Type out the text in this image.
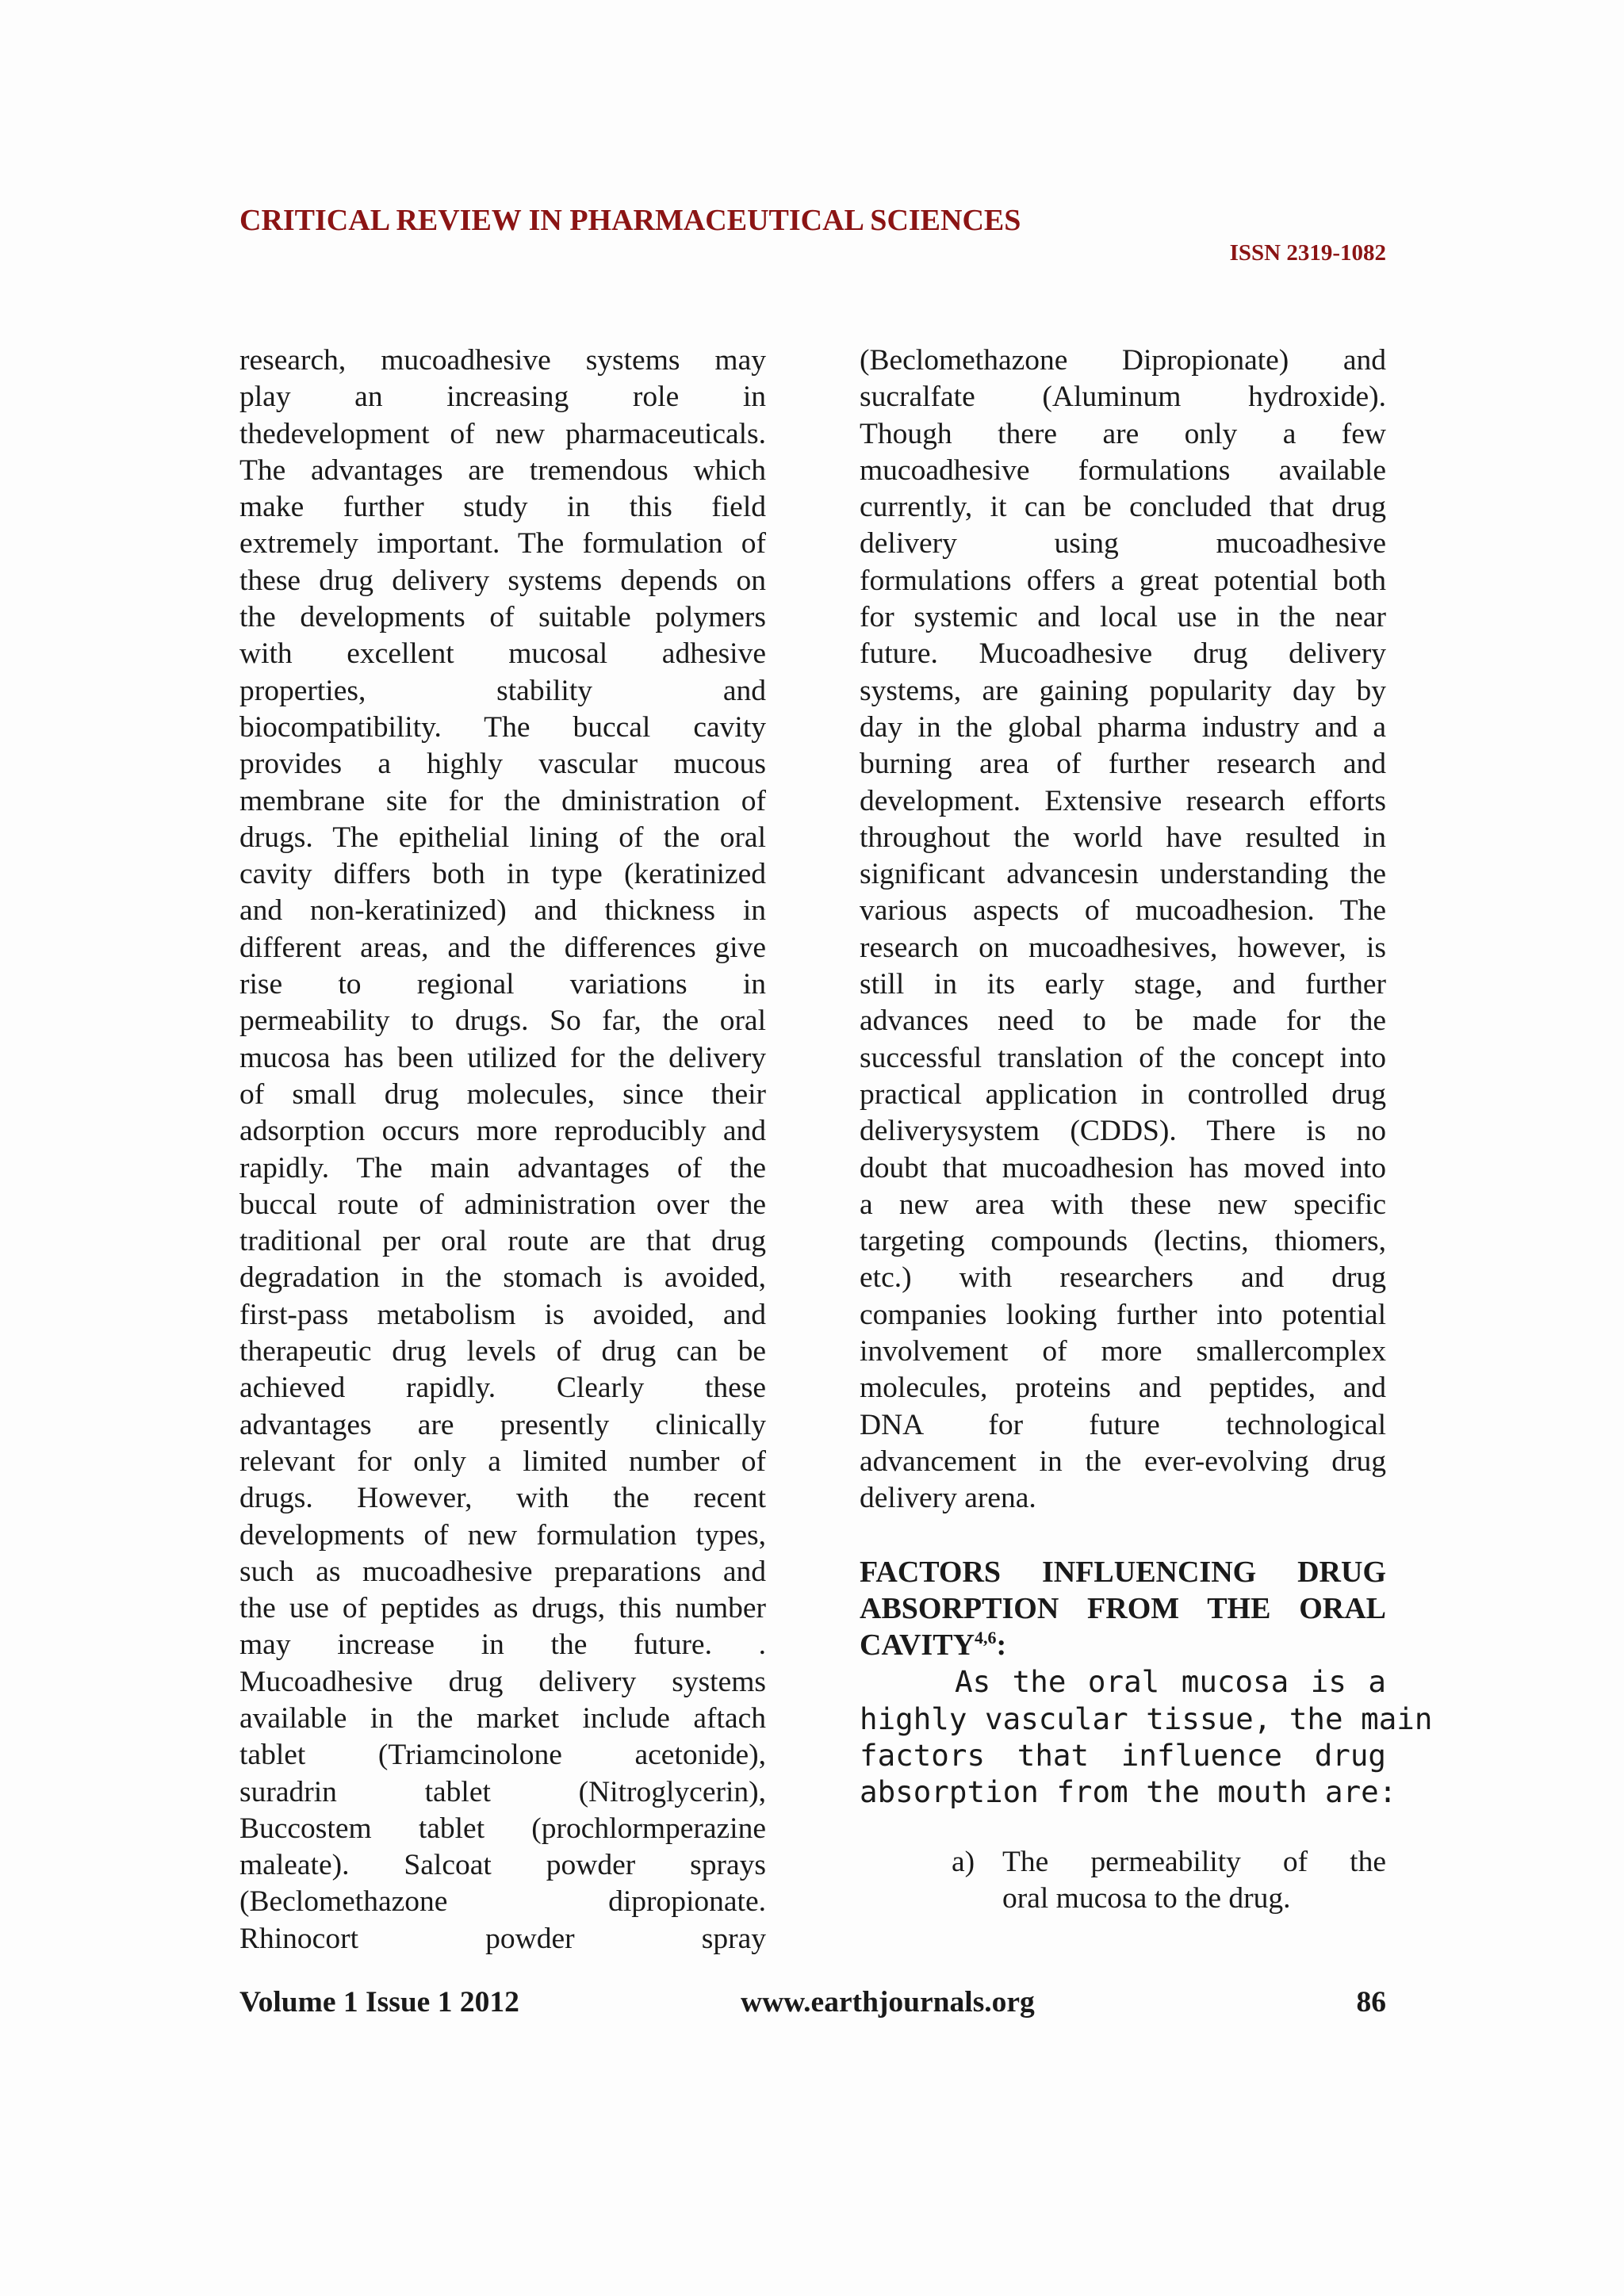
CRITICAL REVIEW IN PHARMACEUTICAL SCIENCES
ISSN 2319-1082
research, mucoadhesive systems may
play an increasing role in
thedevelopment of new pharmaceuticals.
The advantages are tremendous which
make further study in this field
extremely important. The formulation of
these drug delivery systems depends on
the developments of suitable polymers
with excellent mucosal adhesive
properties, stability and
biocompatibility. The buccal cavity
provides a highly vascular mucous
membrane site for the dministration of
drugs. The epithelial lining of the oral
cavity differs both in type (keratinized
and non-keratinized) and thickness in
different areas, and the differences give
rise to regional variations in
permeability to drugs. So far, the oral
mucosa has been utilized for the delivery
of small drug molecules, since their
adsorption occurs more reproducibly and
rapidly. The main advantages of the
buccal route of administration over the
traditional per oral route are that drug
degradation in the stomach is avoided,
first-pass metabolism is avoided, and
therapeutic drug levels of drug can be
achieved rapidly. Clearly these
advantages are presently clinically
relevant for only a limited number of
drugs. However, with the recent
developments of new formulation types,
such as mucoadhesive preparations and
the use of peptides as drugs, this number
may increase in the future. .
Mucoadhesive drug delivery systems
available in the market include aftach
tablet (Triamcinolone acetonide),
suradrin tablet (Nitroglycerin),
Buccostem tablet (prochlormperazine
maleate). Salcoat powder sprays
(Beclomethazone dipropionate.
Rhinocort powder spray
(Beclomethazone Dipropionate) and
sucralfate (Aluminum hydroxide).
Though there are only a few
mucoadhesive formulations available
currently, it can be concluded that drug
delivery using mucoadhesive
formulations offers a great potential both
for systemic and local use in the near
future. Mucoadhesive drug delivery
systems, are gaining popularity day by
day in the global pharma industry and a
burning area of further research and
development. Extensive research efforts
throughout the world have resulted in
significant advancesin understanding the
various aspects of mucoadhesion. The
research on mucoadhesives, however, is
still in its early stage, and further
advances need to be made for the
successful translation of the concept into
practical application in controlled drug
deliverysystem (CDDS). There is no
doubt that mucoadhesion has moved into
a new area with these new specific
targeting compounds (lectins, thiomers,
etc.) with researchers and drug
companies looking further into potential
involvement of more smallercomplex
molecules, proteins and peptides, and
DNA for future technological
advancement in the ever-evolving drug
delivery arena.
FACTORS INFLUENCING DRUG
ABSORPTION FROM THE ORAL
CAVITY$^{4,6}$:
As the oral mucosa is a
highly vascular tissue, the main
factors that influence drug
absorption from the mouth are:
a) The permeability of the
oral mucosa to the drug.
Volume 1 Issue 1 2012	www.earthjournals.org	86
